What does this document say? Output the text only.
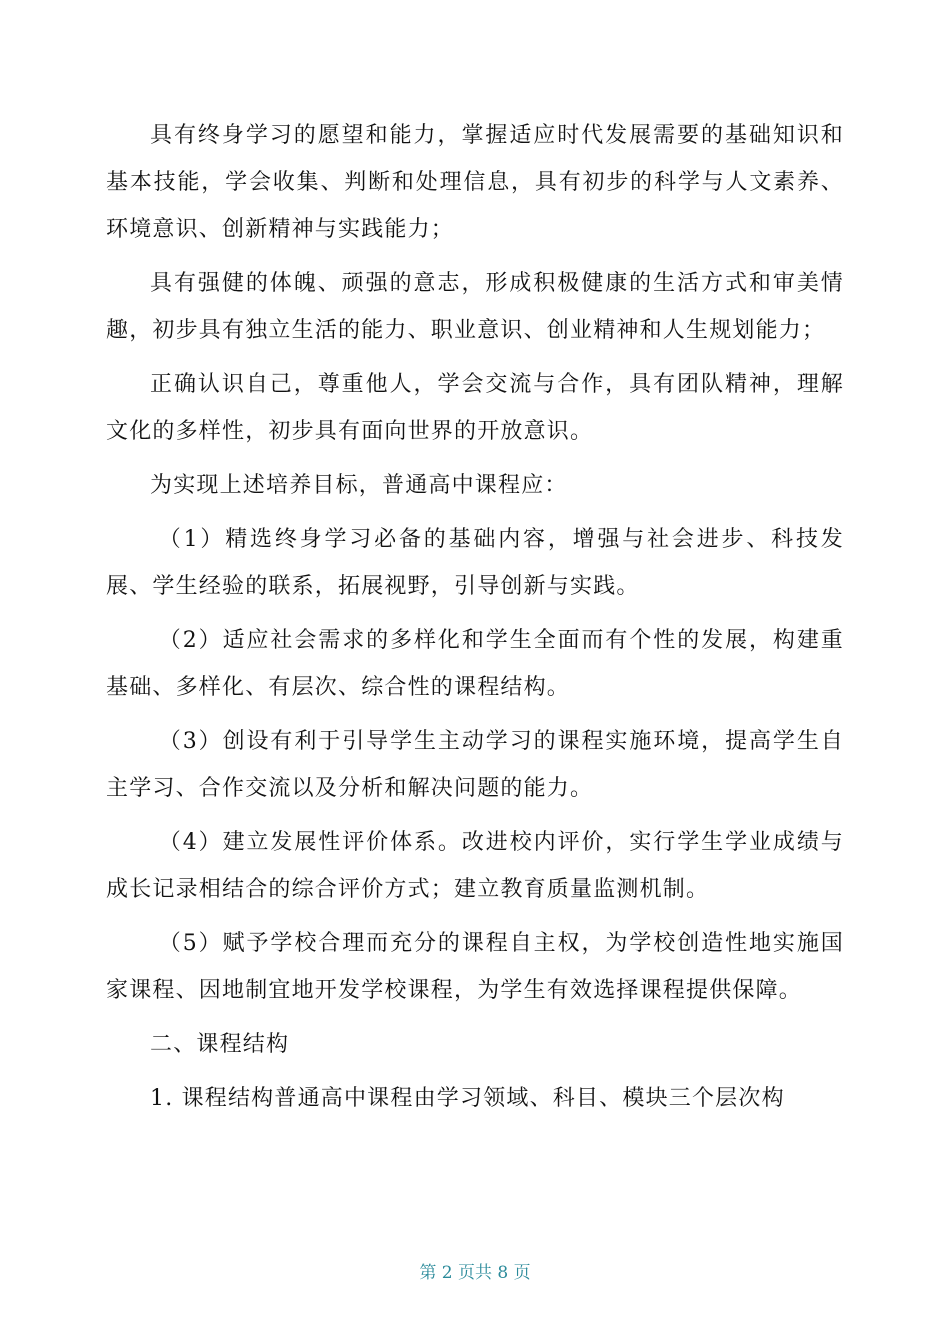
具有终身学习的愿望和能力，掌握适应时代发展需要的基础知识和基本技能，学会收集、判断和处理信息，具有初步的科学与人文素养、环境意识、创新精神与实践能力；

具有强健的体魄、顽强的意志，形成积极健康的生活方式和审美情趣，初步具有独立生活的能力、职业意识、创业精神和人生规划能力；

正确认识自己，尊重他人，学会交流与合作，具有团队精神，理解文化的多样性，初步具有面向世界的开放意识。

为实现上述培养目标，普通高中课程应：

（1）精选终身学习必备的基础内容，增强与社会进步、科技发展、学生经验的联系，拓展视野，引导创新与实践。

（2）适应社会需求的多样化和学生全面而有个性的发展，构建重基础、多样化、有层次、综合性的课程结构。

（3）创设有利于引导学生主动学习的课程实施环境，提高学生自主学习、合作交流以及分析和解决问题的能力。

（4）建立发展性评价体系。改进校内评价，实行学生学业成绩与成长记录相结合的综合评价方式；建立教育质量监测机制。

（5）赋予学校合理而充分的课程自主权，为学校创造性地实施国家课程、因地制宜地开发学校课程，为学生有效选择课程提供保障。

二、课程结构

1. 课程结构普通高中课程由学习领域、科目、模块三个层次构

第 2 页共 8 页
